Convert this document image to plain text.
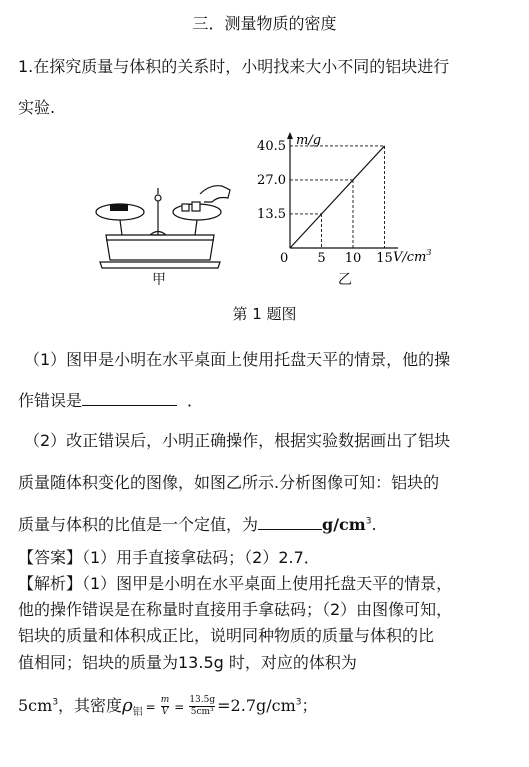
三．测量物质的密度
1.在探究质量与体积的关系时，小明找来大小不同的铝块进行
实验.
甲
m/g
13.5
27.0
40.5
0 5 10 15 $V/cm^3$
乙
第 1 题图
（1）图甲是小明在水平桌面上使用托盘天平的情景，他的操
作错误是	．
（2）改正错误后，小明正确操作，根据实验数据画出了铝块
质量随体积变化的图像，如图乙所示.分析图像可知：铝块的
质量与体积的比值是一个定值，为	$g/cm^3$.
【答案】（1）用手直接拿砝码；（2）2.7．
【解析】（1）图甲是小明在水平桌面上使用托盘天平的情景，
他的操作错误是在称量时直接用手拿砝码；（2）由图像可知，
铝块的质量和体积成正比，说明同种物质的质量与体积的比
值相同；铝块的质量为13.5g 时，对应的体积为
$5cm^3$，其密度$\rho_铝 = \frac{m}{V} = \frac{13.5g}{\text{5cm³}} =2.7g/cm^3$；
